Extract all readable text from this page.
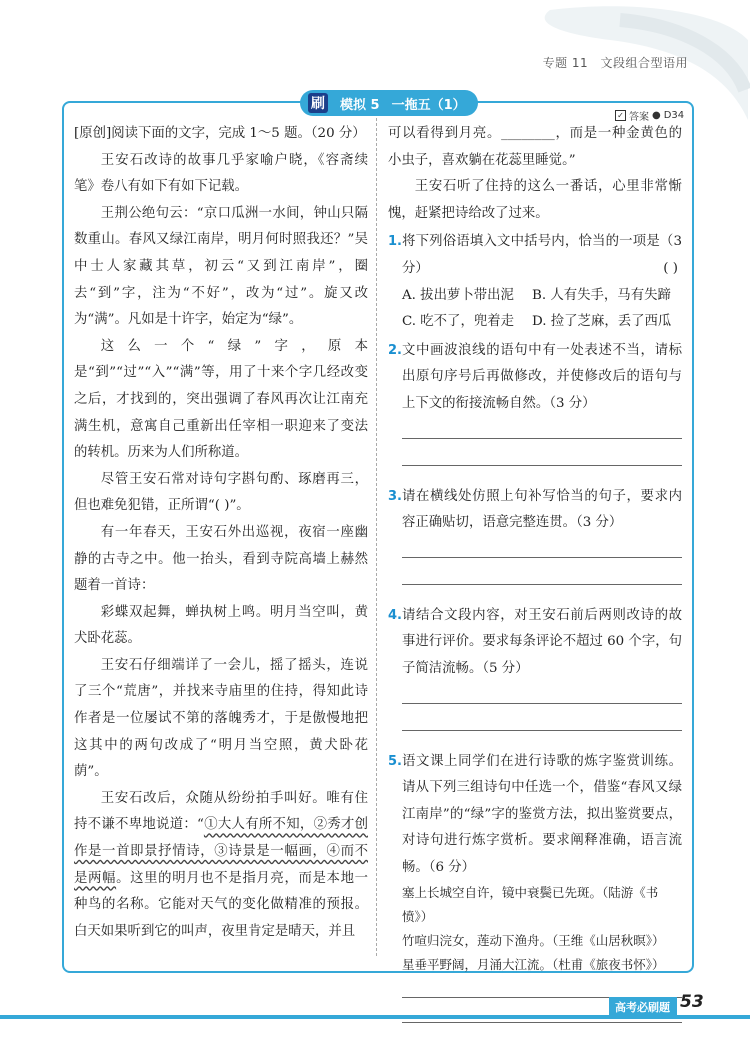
专题 11 文段组合型语用
刷 模拟 5 一拖五（1）
✓ 答案 ● D34

[原创]阅读下面的文字，完成 1～5 题。（20 分）

王安石改诗的故事几乎家喻户晓，《容斋续笔》卷八有如下有如下记载。

王荆公绝句云：“京口瓜洲一水间，钟山只隔数重山。春风又绿江南岸，明月何时照我还？”吴中士人家藏其草，初云“又到江南岸”，圈去“到”字，注为“不好”，改为“过”。旋又改为“满”。凡如是十许字，始定为“绿”。

这么一个“绿”字，原本是“到”“过”“入”“满”等，用了十来个字几经改变之后，才找到的，突出强调了春风再次让江南充满生机，意寓自己重新出任宰相一职迎来了变法的转机。历来为人们所称道。

尽管王安石常对诗句字斟句酌、琢磨再三，但也难免犯错，正所谓“( )”。

有一年春天，王安石外出巡视，夜宿一座幽静的古寺之中。他一抬头，看到寺院高墙上赫然题着一首诗：

彩蝶双起舞，蝉执树上鸣。明月当空叫，黄犬卧花蕊。

王安石仔细端详了一会儿，摇了摇头，连说了三个“荒唐”，并找来寺庙里的住持，得知此诗作者是一位屡试不第的落魄秀才，于是傲慢地把这其中的两句改成了“明月当空照，黄犬卧花荫”。

王安石改后，众随从纷纷拍手叫好。唯有住持不谦不卑地说道：“①大人有所不知，②秀才创作是一首即景抒情诗，③诗景是一幅画，④而不是两幅。这里的明月也不是指月亮，而是本地一种鸟的名称。它能对天气的变化做精准的预报。白天如果听到它的叫声，夜里肯定是晴天，并且

可以看得到月亮。________，而是一种金黄色的小虫子，喜欢躺在花蕊里睡觉。”

王安石听了住持的这么一番话，心里非常惭愧，赶紧把诗给改了过来。

1. 将下列俗语填入文中括号内，恰当的一项是（3 分）	( )
A. 拔出萝卜带出泥	B. 人有失手，马有失蹄
C. 吃不了，兜着走	D. 捡了芝麻，丢了西瓜
2. 文中画波浪线的语句中有一处表述不当，请标出原句序号后再做修改，并使修改后的语句与上下文的衔接流畅自然。（3 分）
3. 请在横线处仿照上句补写恰当的句子，要求内容正确贴切，语意完整连贯。（3 分）
4. 请结合文段内容，对王安石前后两则改诗的故事进行评价。要求每条评论不超过 60 个字，句子简洁流畅。（5 分）
5. 语文课上同学们在进行诗歌的炼字鉴赏训练。请从下列三组诗句中任选一个，借鉴“春风又绿江南岸”的“绿”字的鉴赏方法，拟出鉴赏要点，对诗句进行炼字赏析。要求阐释准确，语言流畅。（6 分）
塞上长城空自许，镜中衰鬓已先斑。（陆游《书愤》）
竹喧归浣女，莲动下渔舟。（王维《山居秋暝》）
星垂平野阔，月涌大江流。（杜甫《旅夜书怀》）
高考必刷题 53
